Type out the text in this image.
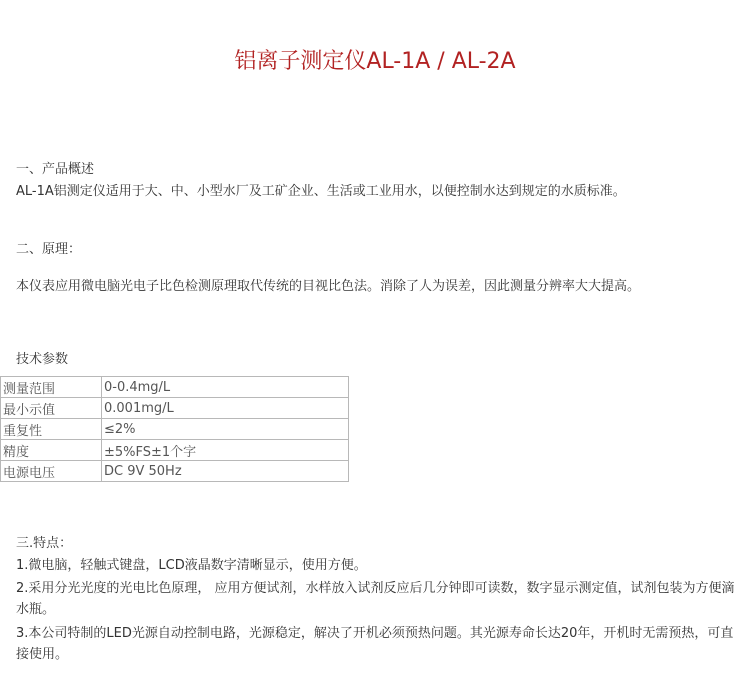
铝离子测定仪AL-1A / AL-2A

一、产品概述

AL-1A铝测定仪适用于大、中、小型水厂及工矿企业、生活或工业用水，以便控制水达到规定的水质标准。

二、原理：

本仪表应用微电脑光电子比色检测原理取代传统的目视比色法。消除了人为误差，因此测量分辨率大大提高。

技术参数

测量范围	0-0.4mg/L
最小示值	0.001mg/L
重复性	≤2%
精度	±5%FS±1个字
电源电压	DC 9V 50Hz

三.特点：

1.微电脑，轻触式键盘，LCD液晶数字清晰显示，使用方便。

2.采用分光光度的光电比色原理， 应用方便试剂，水样放入试剂反应后几分钟即可读数，数字显示测定值，试剂包装为方便滴水瓶。

3.本公司特制的LED光源自动控制电路，光源稳定，解决了开机必须预热问题。其光源寿命长达20年，开机时无需预热，可直接使用。
